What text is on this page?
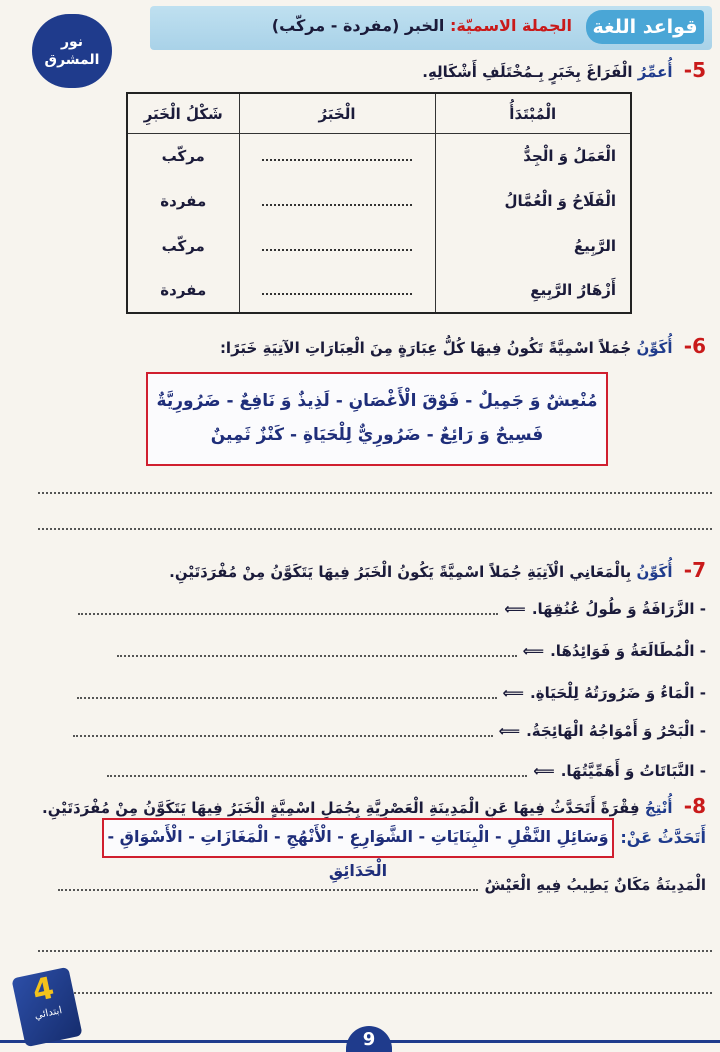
قواعد اللغة
الجملة الاسميّة: الخبر (مفردة - مركّب)
نور
المشرق	5- أُعمِّرُ الْفَرَاغَ بِخَبَرٍ بِـمُخْتَلَفِ أَشْكَالِهِ.
الْمُبْتَدَأُ	الْخَبَرُ	شَكْلُ الْخَبَرِ
الْعَمَلُ وَ الْجِدُّ		مركّب
الْفَلَاحُ وَ الْعُمَّالُ		مفردة
الرَّبِيعُ		مركّب
أَزْهَارُ الرَّبِيعِ		مفردة
6- أُكَوِّنُ جُمَلاً اسْمِيَّةً تَكُونُ فِيهَا كُلُّ عِبَارَةٍ مِنَ الْعِبَارَاتِ الآتِيَةِ خَبَرًا:
مُنْعِشٌ وَ جَمِيلٌ - فَوْقَ الْأَغْصَانِ - لَذِيذٌ وَ نَافِعٌ - ضَرُورِيَّةٌ
فَسِيحٌ وَ رَائِعٌ - ضَرُورِيٌّ لِلْحَيَاةِ - كَنْزٌ ثَمِينٌ
7- أُكَوِّنُ بِالْمَعَانِي الْآتِيَةِ جُمَلاً اسْمِيَّةً يَكُونُ الْخَبَرُ فِيهَا يَتَكَوَّنُ مِنْ مُفْرَدَتَيْنِ.
- الزَّرَافَةُ وَ طُولُ عُنُقِهَا.
⟸
- الْمُطَالَعَةُ وَ فَوَائِدُهَا.
⟸
- الْمَاءُ وَ ضَرُورَتُهُ لِلْحَيَاةِ.
⟸
- الْبَحْرُ وَ أَمْوَاجُهُ الْهَائِجَةُ.
⟸
- النَّبَاتَاتُ وَ أَهَمِّيَّتُهَا.
⟸
8- أُنْتِجُ فِقْرَةً أَتَحَدَّثُ فِيهَا عَنِ الْمَدِينَةِ الْعَصْرِيَّةِ بِجُمَلٍ اسْمِيَّةٍ الْخَبَرُ فِيهَا يَتَكَوَّنُ مِنْ مُفْرَدَتَيْنِ.
أَتَحَدَّثُ عَنْ:
وَسَائِلِ النَّقْلِ - الْبِنَايَاتِ - الشَّوَارِعِ - الْأَنْهُجِ - الْمَغَازَاتِ - الْأَسْوَاقِ - الْحَدَائِقِ
الْمَدِينَةُ مَكَانٌ يَطِيبُ فِيهِ الْعَيْشُ
9
4
ابتدائي
